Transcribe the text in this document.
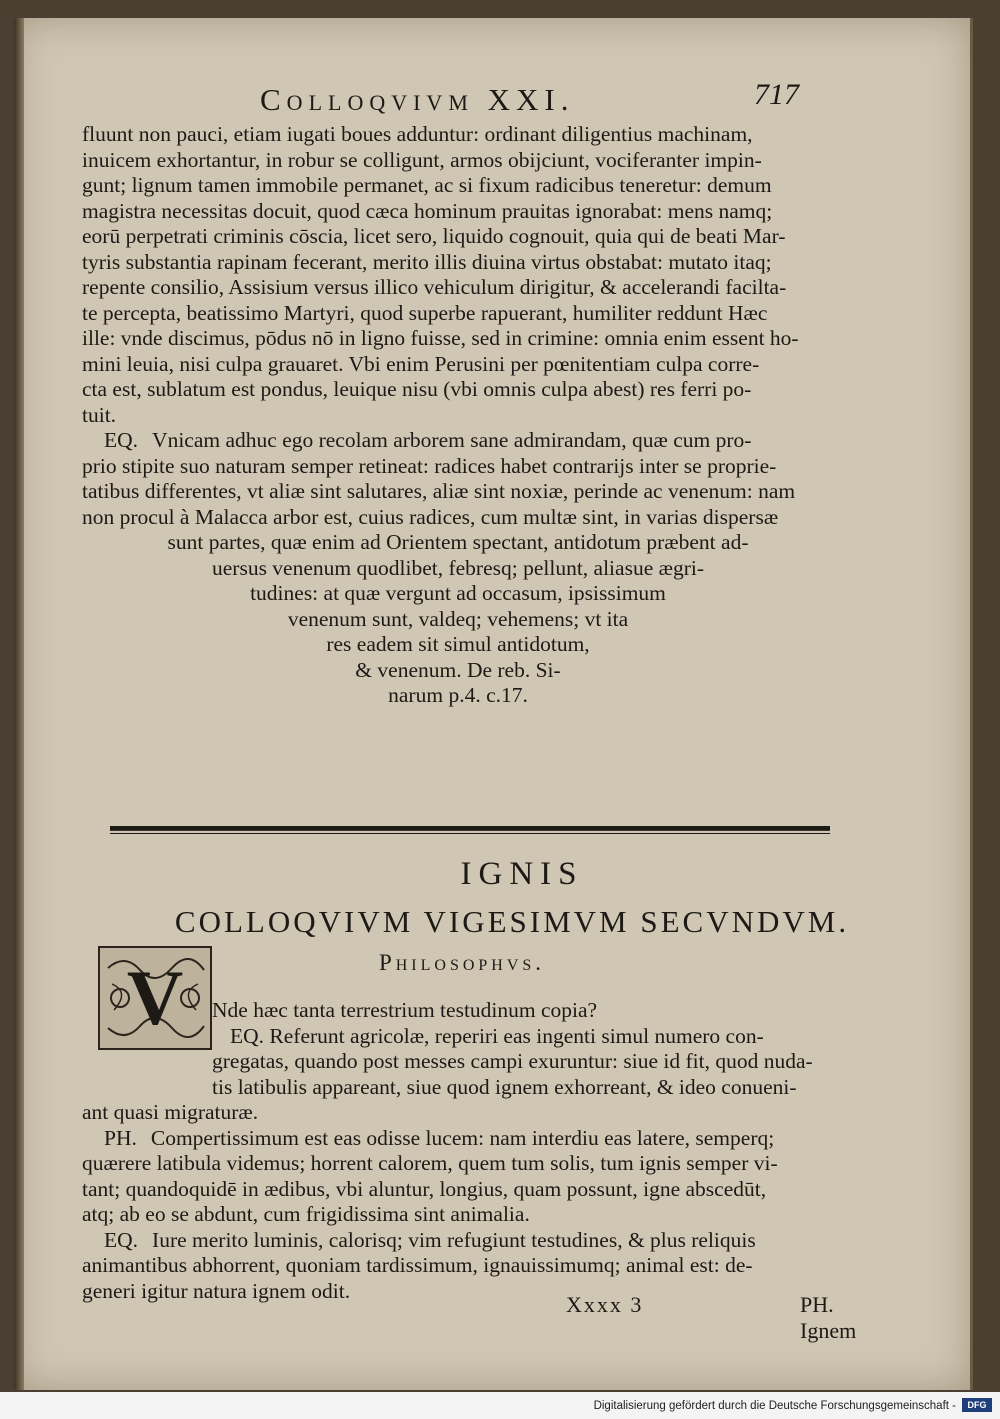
Colloqvivm XXI.	717

fluunt non pauci, etiam iugati boues adduntur: ordinant diligentius machinam,
inuicem exhortantur, in robur se colligunt, armos obijciunt, vociferanter impin-
gunt; lignum tamen immobile permanet, ac si fixum radicibus teneretur: demum
magistra necessitas docuit, quod cæca hominum prauitas ignorabat: mens namq;
eorū perpetrati criminis cōscia, licet sero, liquido cognouit, quia qui de beati Mar-
tyris substantia rapinam fecerant, merito illis diuina virtus obstabat: mutato itaq;
repente consilio, Assisium versus illico vehiculum dirigitur, & accelerandi facilta-
te percepta, beatissimo Martyri, quod superbe rapuerant, humiliter reddunt Hæc
ille: vnde discimus, pōdus nō in ligno fuisse, sed in crimine: omnia enim essent ho-
mini leuia, nisi culpa grauaret. Vbi enim Perusini per pœnitentiam culpa corre-
cta est, sublatum est pondus, leuique nisu (vbi omnis culpa abest) res ferri po-
tuit.

EQ. Vnicam adhuc ego recolam arborem sane admirandam, quæ cum pro-
prio stipite suo naturam semper retineat: radices habet contrarijs inter se proprie-
tatibus differentes, vt aliæ sint salutares, aliæ sint noxiæ, perinde ac venenum: nam
non procul à Malacca arbor est, cuius radices, cum multæ sint, in varias dispersæ

sunt partes, quæ enim ad Orientem spectant, antidotum præbent ad-
uersus venenum quodlibet, febresq; pellunt, aliasue ægri-
tudines: at quæ vergunt ad occasum, ipsissimum
venenum sunt, valdeq; vehemens; vt ita
res eadem sit simul antidotum,
& venenum. De reb. Si-
narum p.4. c.17.
IGNIS
COLLOQVIVM VIGESIMVM SECVNDVM.
Philosophvs.

Nde hæc tanta terrestrium testudinum copia?
EQ. Referunt agricolæ, reperiri eas ingenti simul numero con-
gregatas, quando post messes campi exuruntur: siue id fit, quod nuda-
tis latibulis appareant, siue quod ignem exhorreant, & ideo conueni-
ant quasi migraturæ.

PH. Compertissimum est eas odisse lucem: nam interdiu eas latere, semperq;
quærere latibula videmus; horrent calorem, quem tum solis, tum ignis semper vi-
tant; quandoquidē in ædibus, vbi aluntur, longius, quam possunt, igne abscedūt,
atq; ab eo se abdunt, cum frigidissima sint animalia.

EQ. Iure merito luminis, calorisq; vim refugiunt testudines, & plus reliquis
animantibus abhorrent, quoniam tardissimum, ignauissimumq; animal est: de-
generi igitur natura ignem odit.

Xxxx 3	PH. Ignem
V
Digitalisierung gefördert durch die Deutsche Forschungsgemeinschaft -	DFG
